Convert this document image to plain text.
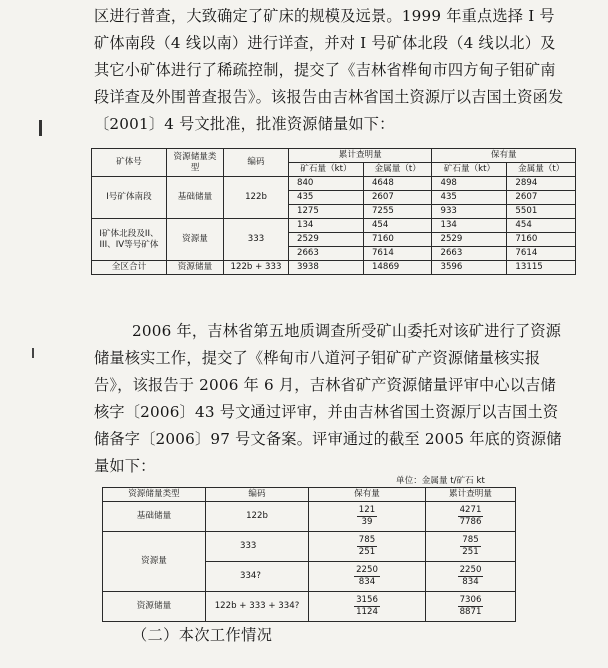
区进行普查，大致确定了矿床的规模及远景。1999 年重点选择 I 号矿体南段（4 线以南）进行详查，并对 I 号矿体北段（4 线以北）及其它小矿体进行了稀疏控制，提交了《吉林省桦甸市四方甸子钼矿南段详查及外围普查报告》。该报告由吉林省国土资源厅以吉国土资函发〔2001〕4 号文批准，批准资源储量如下：

矿体号	资源储量类型	编码	累计查明量		保有量	
			矿石量（kt）	金属量（t）	矿石量（kt）	金属量（t）
I号矿体南段	基础储量	122b	840	4648	498	2894
			435	2607	435	2607
			1275	7255	933	5501
I矿体北段及II、III、IV等号矿体	资源量	333	134	454	134	454
			2529	7160	2529	7160
			2663	7614	2663	7614
全区合计	资源储量	122b + 333	3938	14869	3596	13115

2006 年，吉林省第五地质调查所受矿山委托对该矿进行了资源储量核实工作，提交了《桦甸市八道河子钼矿矿产资源储量核实报告》，该报告于 2006 年 6 月，吉林省矿产资源储量评审中心以吉储核字〔2006〕43 号文通过评审，并由吉林省国土资源厅以吉国土资储备字〔2006〕97 号文备案。评审通过的截至 2005 年底的资源储量如下：

单位：金属量 t/矿石 kt
资源储量类型	编码	保有量	累计查明量
基础储量	122b	$\frac{121}{39}$	$\frac{4271}{7786}$

资源量	333	$\frac{785}{251}$	$\frac{785}{251}$

	334?	$\frac{2250}{834}$	$\frac{2250}{834}$

资源储量	122b + 333 + 334?	$\frac{3156}{1124}$	$\frac{7306}{8871}$
（二）本次工作情况
